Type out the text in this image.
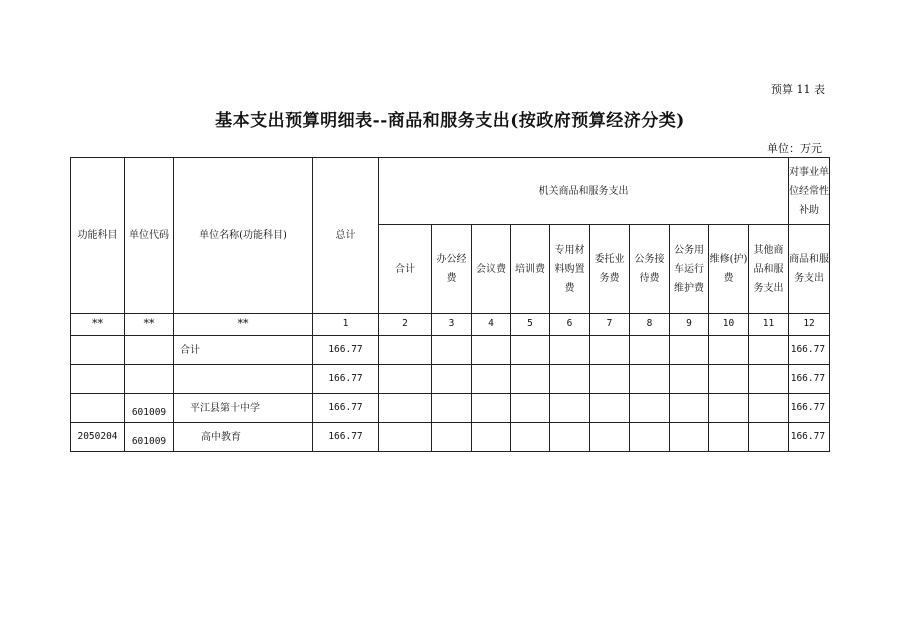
预算 11 表
基本支出预算明细表--商品和服务支出(按政府预算经济分类)
单位：万元
功能科目	单位代码	单位名称(功能科目)	总计	机关商品和服务支出										对事业单位经常性补助
				合计	办公经费	会议费	培训费	专用材料购置费	委托业务费	公务接待费	公务用车运行维护费	维修(护)费	其他商品和服务支出	商品和服务支出
**	**	**	1	2	3	4	5	6	7	8	9	10	11	12
		合计	166.77											166.77
			166.77											166.77
	601009	平江县第十中学	166.77											166.77
2050204	601009	高中教育	166.77											166.77
